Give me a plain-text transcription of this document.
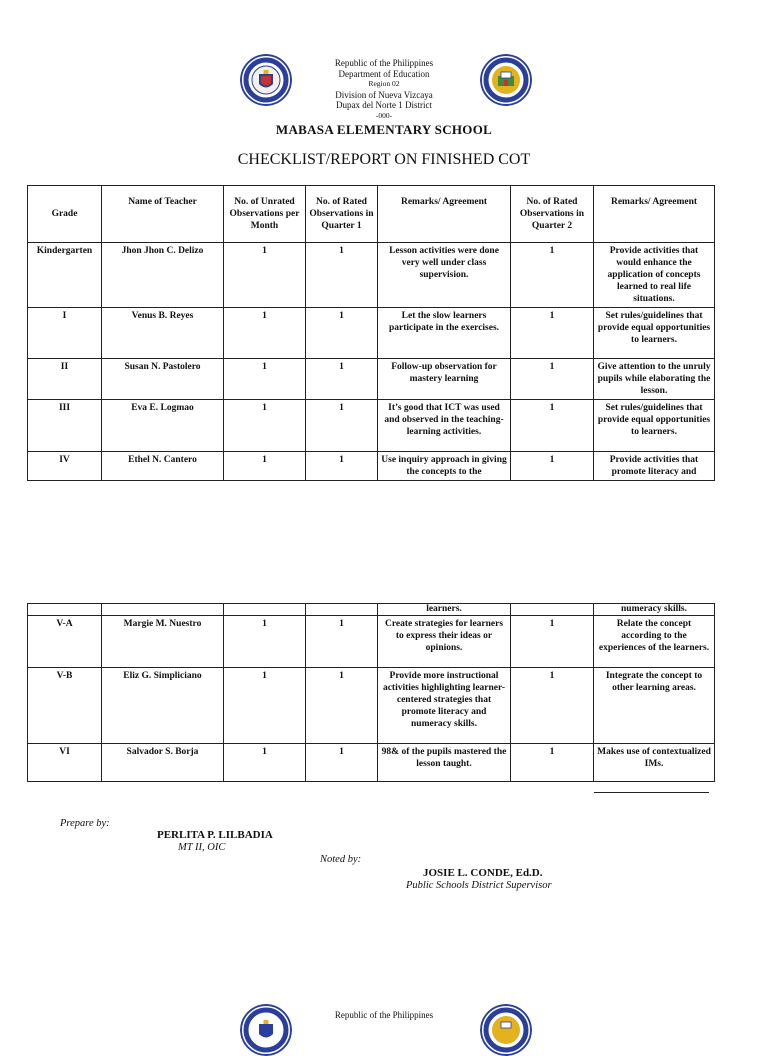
Republic of the Philippines
Department of Education
Region 02
Division of Nueva Vizcaya
Dupax del Norte 1 District
-000-
MABASA ELEMENTARY SCHOOL
CHECKLIST/REPORT ON FINISHED COT
Grade	Name of Teacher	No. of Unrated Observations per Month	No. of Rated Observations in Quarter 1	Remarks/ Agreement	No. of Rated Observations in Quarter 2	Remarks/ Agreement
Kindergarten	Jhon Jhon C. Delizo	1	1	Lesson activities were done very well under class supervision.	1	Provide activities that would enhance the application of concepts learned to real life situations.
I	Venus B. Reyes	1	1	Let the slow learners participate in the exercises.	1	Set rules/guidelines that provide equal opportunities to learners.
II	Susan N. Pastolero	1	1	Follow-up observation for mastery learning	1	Give attention to the unruly pupils while elaborating the lesson.
III	Eva E. Logmao	1	1	It’s good that ICT was used and observed in the teaching-learning activities.	1	Set rules/guidelines that provide equal opportunities to learners.
IV	Ethel N. Cantero	1	1	Use inquiry approach in giving the concepts to the	1	Provide activities that promote literacy and
				learners.		numeracy skills.
V-A	Margie M. Nuestro	1	1	Create strategies for learners to express their ideas or opinions.	1	Relate the concept according to the experiences of the learners.
V-B	Eliz G. Simpliciano	1	1	Provide more instructional activities highlighting learner-centered strategies that promote literacy and numeracy skills.	1	Integrate the concept to other learning areas.
VI	Salvador S. Borja	1	1	98& of the pupils mastered the lesson taught.	1	Makes use of contextualized IMs.
Prepare by:
PERLITA P. LILBADIA
MT II, OIC
Noted by:
JOSIE L. CONDE, Ed.D.
Public Schools District Supervisor
Republic of the Philippines
